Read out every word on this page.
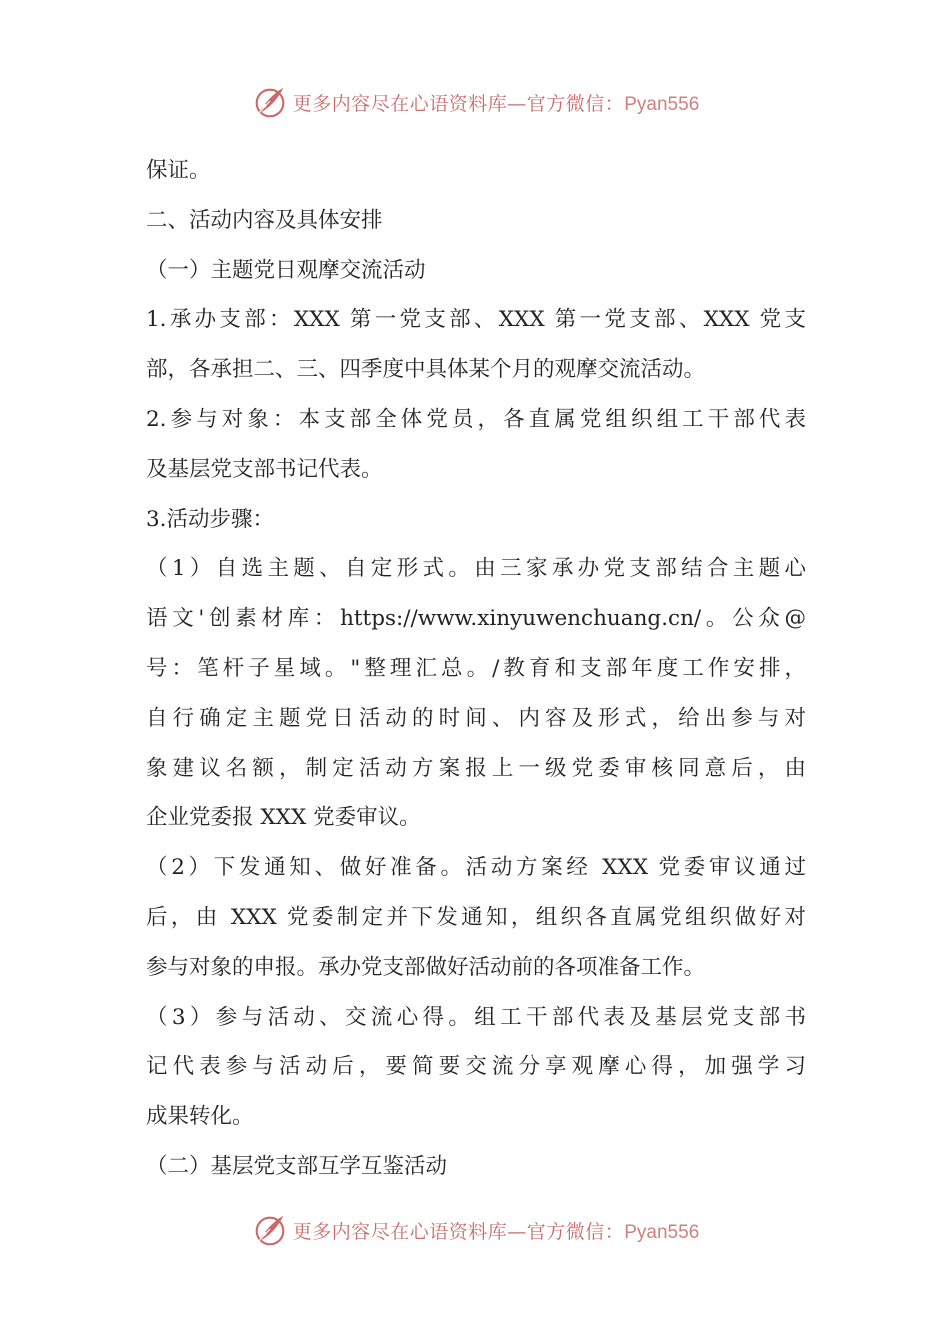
更多内容尽在心语资料库—官方微信：Pyan556
保证。
二、活动内容及具体安排
（一）主题党日观摩交流活动
1.承办支部：XXX 第一党支部、XXX 第一党支部、XXX 党支
部，各承担二、三、四季度中具体某个月的观摩交流活动。
2.参与对象：本支部全体党员，各直属党组织组工干部代表
及基层党支部书记代表。
3.活动步骤：
（1）自选主题、自定形式。由三家承办党支部结合主题心
语文'创素材库：https://www.xinyuwenchuang.cn/。公众@
号：笔杆子星域。"整理汇总。/教育和支部年度工作安排，
自行确定主题党日活动的时间、内容及形式，给出参与对
象建议名额，制定活动方案报上一级党委审核同意后，由
企业党委报 XXX 党委审议。
（2）下发通知、做好准备。活动方案经 XXX 党委审议通过
后，由 XXX 党委制定并下发通知，组织各直属党组织做好对
参与对象的申报。承办党支部做好活动前的各项准备工作。
（3）参与活动、交流心得。组工干部代表及基层党支部书
记代表参与活动后，要简要交流分享观摩心得，加强学习
成果转化。
（二）基层党支部互学互鉴活动
更多内容尽在心语资料库—官方微信：Pyan556
